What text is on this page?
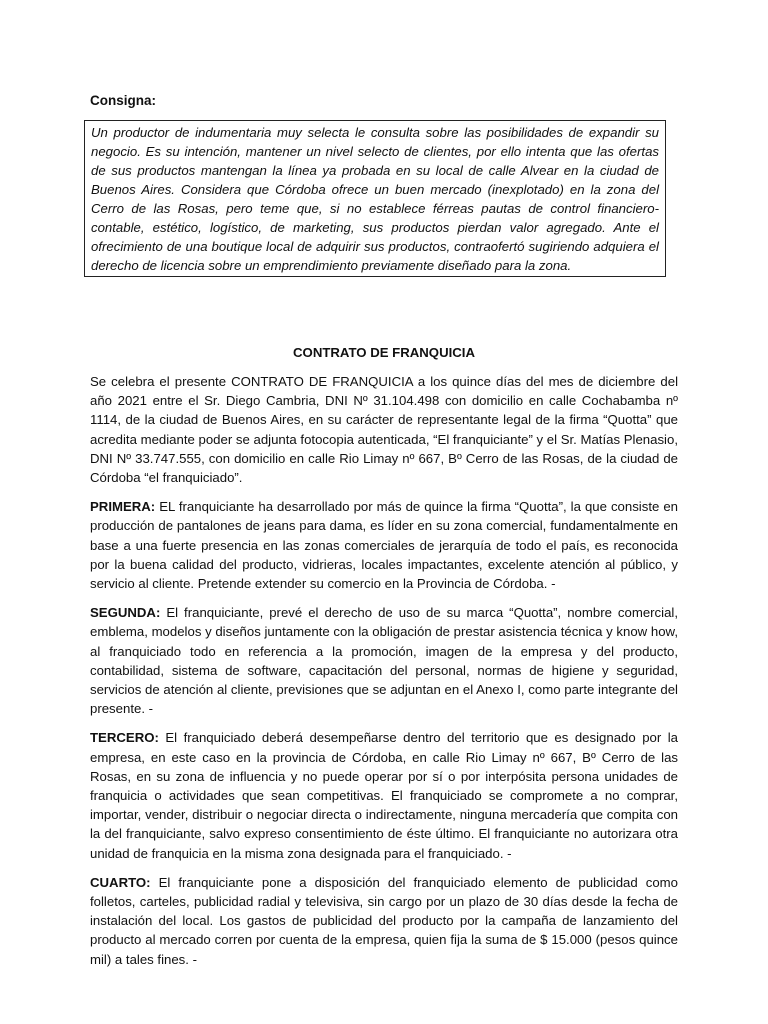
Consigna:

Un productor de indumentaria muy selecta le consulta sobre las posibilidades de expandir su negocio. Es su intención, mantener un nivel selecto de clientes, por ello intenta que las ofertas de sus productos mantengan la línea ya probada en su local de calle Alvear en la ciudad de Buenos Aires. Considera que Córdoba ofrece un buen mercado (inexplotado) en la zona del Cerro de las Rosas, pero teme que, si no establece férreas pautas de control financiero-contable, estético, logístico, de marketing, sus productos pierdan valor agregado. Ante el ofrecimiento de una boutique local de adquirir sus productos, contraofertó sugiriendo adquiera el derecho de licencia sobre un emprendimiento previamente diseñado para la zona.

CONTRATO DE FRANQUICIA

Se celebra el presente CONTRATO DE FRANQUICIA a los quince días del mes de diciembre del año 2021 entre el Sr. Diego Cambria, DNI Nº 31.104.498 con domicilio en calle Cochabamba nº 1114, de la ciudad de Buenos Aires, en su carácter de representante legal de la firma “Quotta” que acredita mediante poder se adjunta fotocopia autenticada, “El franquiciante” y el Sr. Matías Plenasio, DNI Nº 33.747.555, con domicilio en calle Rio Limay nº 667, Bº Cerro de las Rosas, de la ciudad de Córdoba “el franquiciado”.

PRIMERA: EL franquiciante ha desarrollado por más de quince la firma “Quotta”, la que consiste en producción de pantalones de jeans para dama, es líder en su zona comercial, fundamentalmente en base a una fuerte presencia en las zonas comerciales de jerarquía de todo el país, es reconocida por la buena calidad del producto, vidrieras, locales impactantes, excelente atención al público, y servicio al cliente. Pretende extender su comercio en la Provincia de Córdoba. -

SEGUNDA: El franquiciante, prevé el derecho de uso de su marca “Quotta”, nombre comercial, emblema, modelos y diseños juntamente con la obligación de prestar asistencia técnica y know how, al franquiciado todo en referencia a la promoción, imagen de la empresa y del producto, contabilidad, sistema de software, capacitación del personal, normas de higiene y seguridad, servicios de atención al cliente, previsiones que se adjuntan en el Anexo I, como parte integrante del presente. -

TERCERO: El franquiciado deberá desempeñarse dentro del territorio que es designado por la empresa, en este caso en la provincia de Córdoba, en calle Rio Limay nº 667, Bº Cerro de las Rosas, en su zona de influencia y no puede operar por sí o por interpósita persona unidades de franquicia o actividades que sean competitivas. El franquiciado se compromete a no comprar, importar, vender, distribuir o negociar directa o indirectamente, ninguna mercadería que compita con la del franquiciante, salvo expreso consentimiento de éste último. El franquiciante no autorizara otra unidad de franquicia en la misma zona designada para el franquiciado. -

CUARTO: El franquiciante pone a disposición del franquiciado elemento de publicidad como folletos, carteles, publicidad radial y televisiva, sin cargo por un plazo de 30 días desde la fecha de instalación del local. Los gastos de publicidad del producto por la campaña de lanzamiento del producto al mercado corren por cuenta de la empresa, quien fija la suma de $ 15.000 (pesos quince mil) a tales fines. -
